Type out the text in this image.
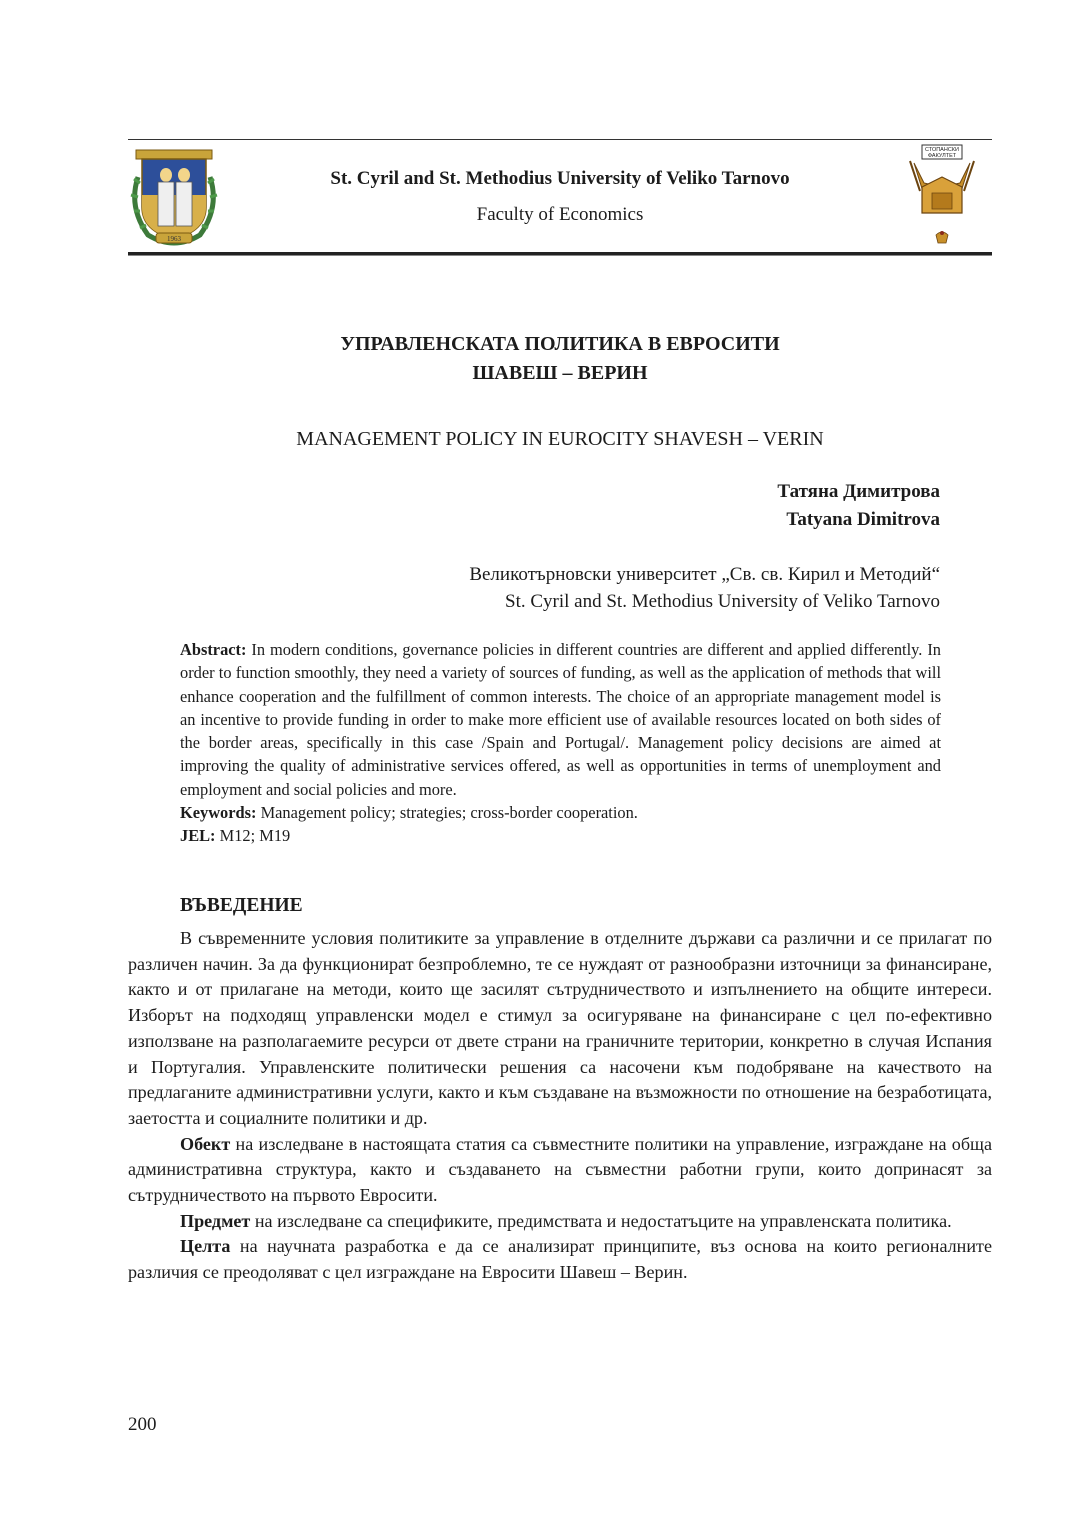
1963
St. Cyril and St. Methodius University of Veliko Tarnovo
Faculty of Economics
СТОПАНСКИ
ФАКУЛТЕТ
УПРАВЛЕНСКАТА ПОЛИТИКА В ЕВРОСИТИ
ШАВЕШ – ВЕРИН
MANAGEMENT POLICY IN EUROCITY SHAVESH – VERIN
Татяна Димитрова
Tatyana Dimitrova
Великотърновски университет „Св. св. Кирил и Методий“
St. Cyril and St. Methodius University of Veliko Tarnovo

Abstract: In modern conditions, governance policies in different countries are different and applied differently. In order to function smoothly, they need a variety of sources of funding, as well as the application of methods that will enhance cooperation and the fulfillment of common interests. The choice of an appropriate management model is an incentive to provide funding in order to make more efficient use of available resources located on both sides of the border areas, specifically in this case /Spain and Portugal/. Management policy decisions are aimed at improving the quality of administrative services offered, as well as opportunities in terms of unemployment and employment and social policies and more.

Keywords: Management policy; strategies; cross-border cooperation.

JEL: M12; M19

ВЪВЕДЕНИЕ

В съвременните условия политиките за управление в отделните държави са различни и се прилагат по различен начин. За да функционират безпроблемно, те се нуждаят от разнообразни източници за финансиране, както и от прилагане на методи, които ще засилят сътрудничеството и изпълнението на общите интереси. Изборът на подходящ управленски модел е стимул за осигуряване на финансиране с цел по-ефективно използване на разполагаемите ресурси от двете страни на граничните територии, конкретно в случая Испания и Португалия. Управленските политически решения са насочени към подобряване на качеството на предлаганите административни услуги, както и към създаване на възможности по отношение на безработицата, заетостта и социалните политики и др.

Обект на изследване в настоящата статия са съвместните политики на управление, изграждане на обща административна структура, както и създаването на съвместни работни групи, които допринасят за сътрудничеството на първото Евросити.

Предмет на изследване са спецификите, предимствата и недостатъците на управленската политика.

Целта на научната разработка е да се анализират принципите, въз основа на които регионалните различия се преодоляват с цел изграждане на Евросити Шавеш – Верин.

200
